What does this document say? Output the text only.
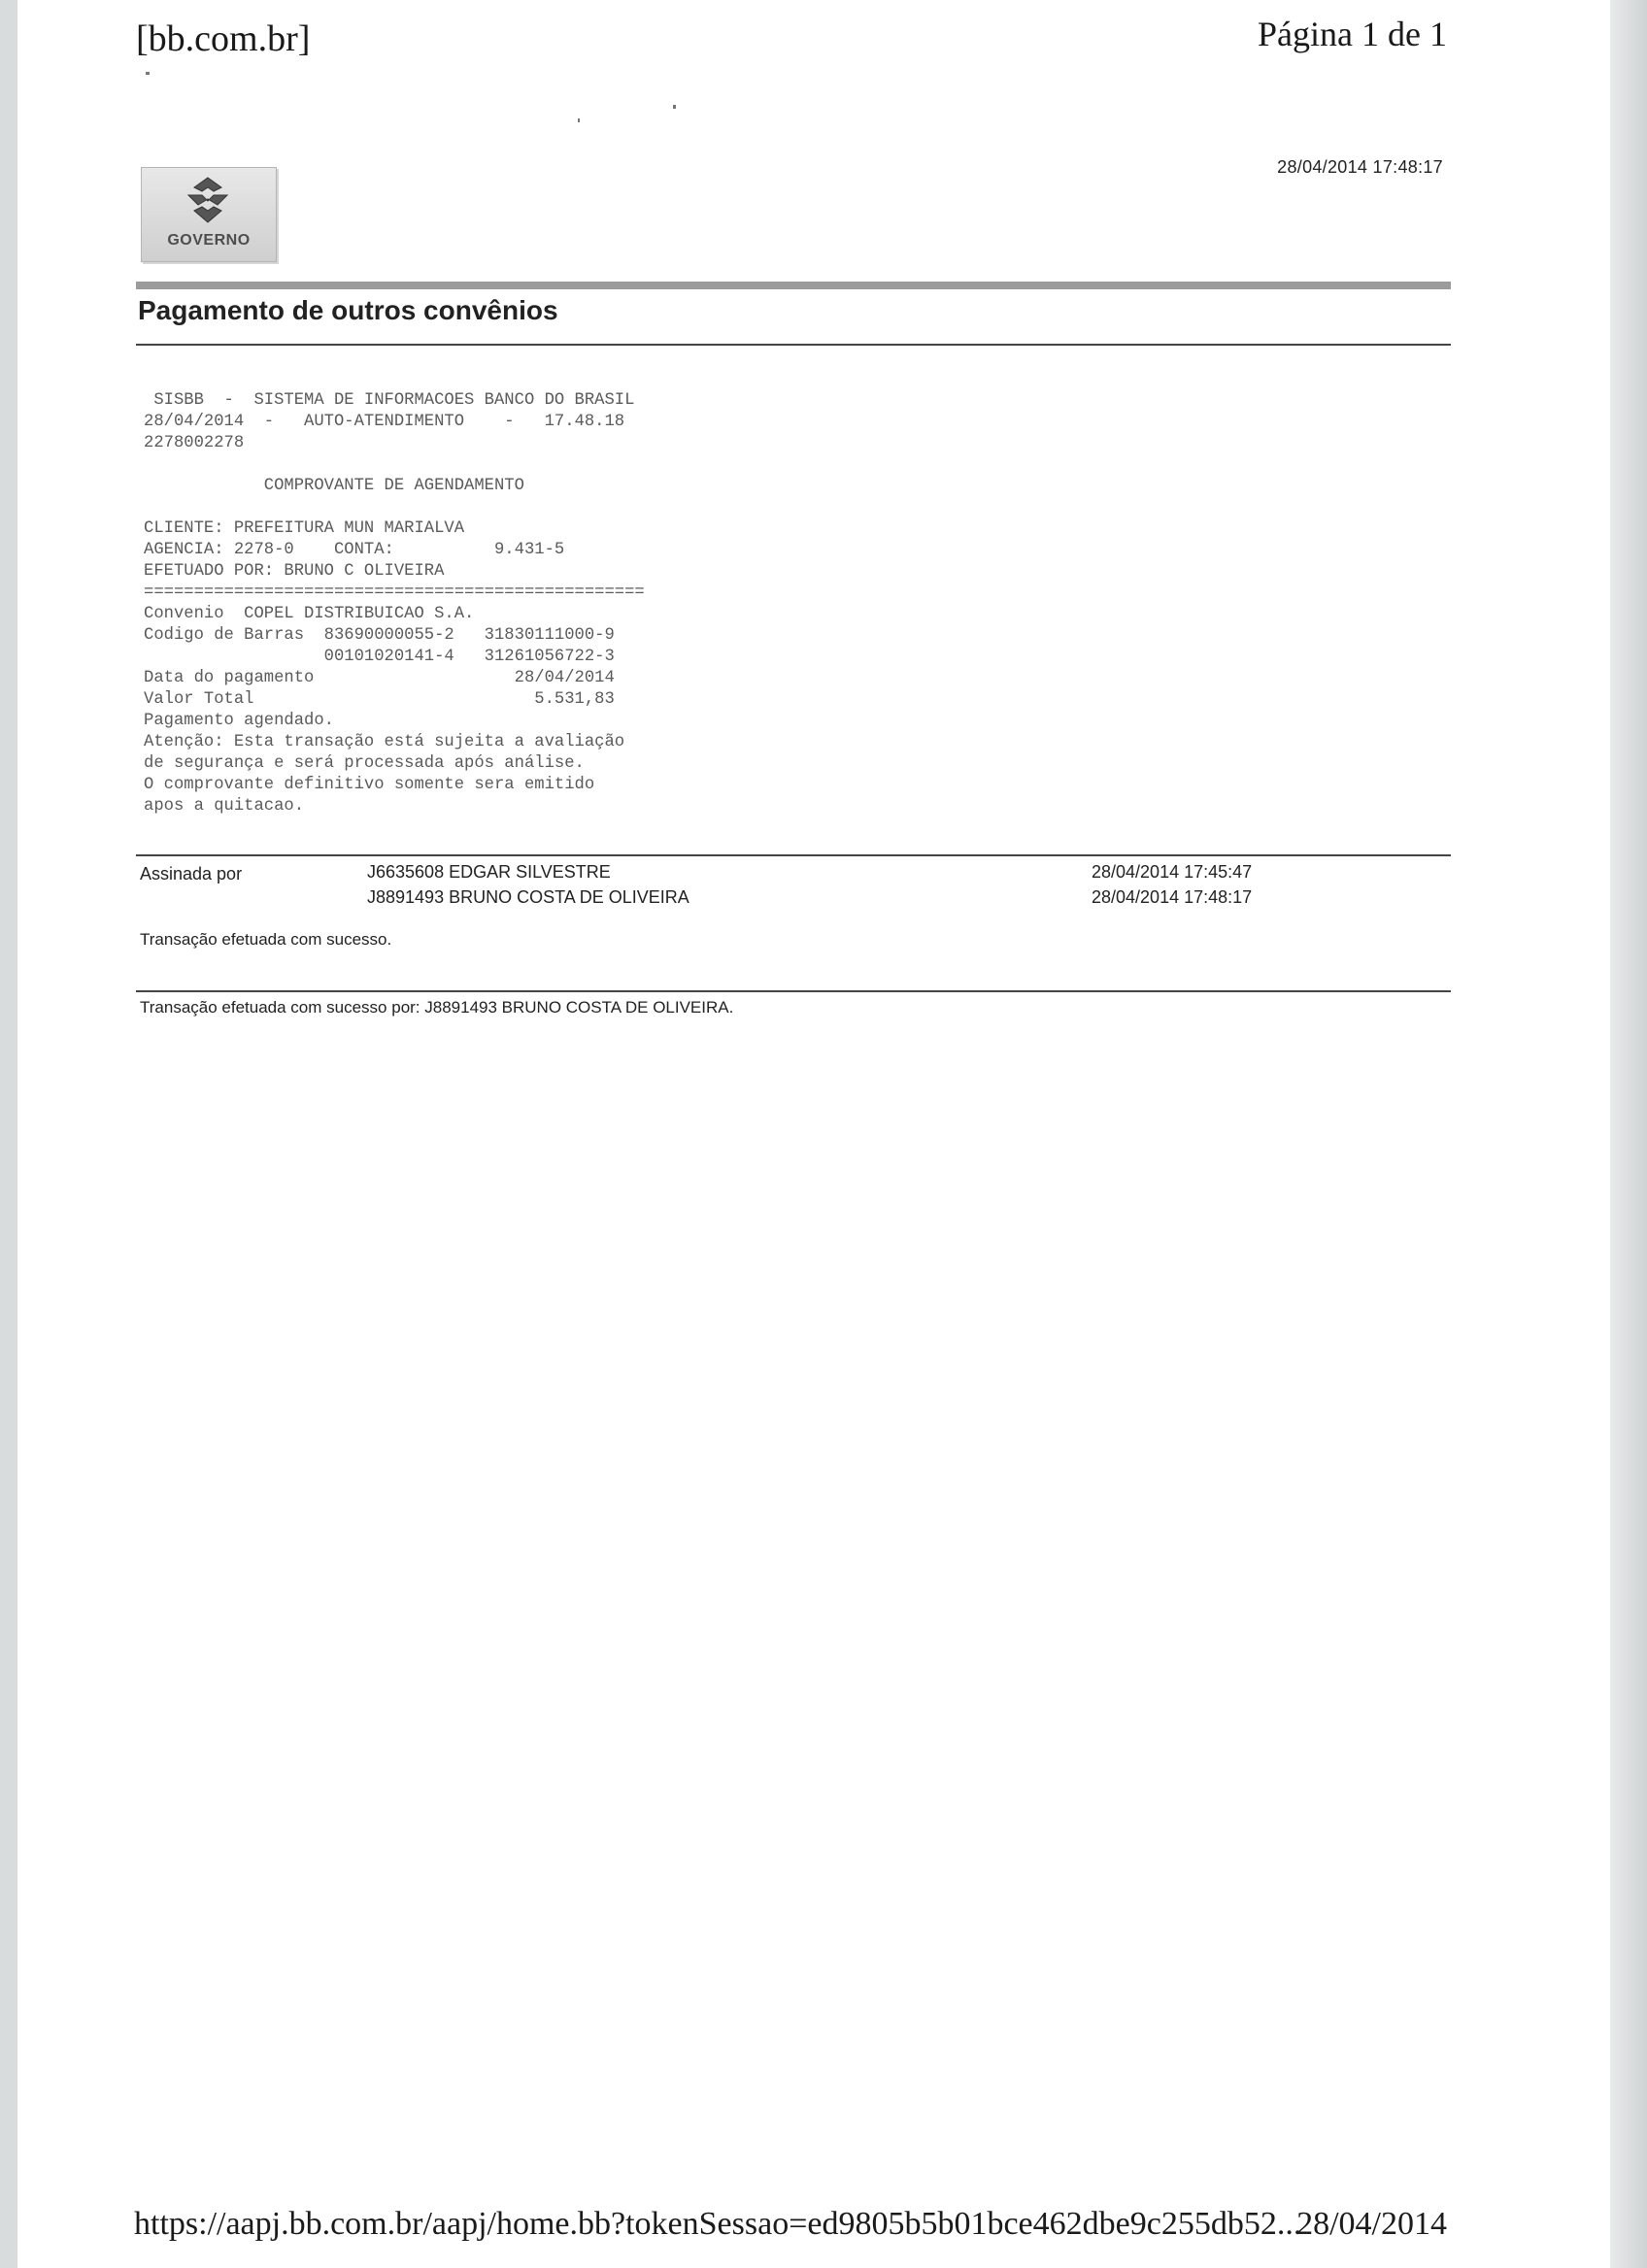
[bb.com.br]	Página 1 de 1
28/04/2014 17:48:17
GOVERNO
Pagamento de outros convênios
SISBB  -  SISTEMA DE INFORMACOES BANCO DO BRASIL
28/04/2014  -   AUTO-ATENDIMENTO    -   17.48.18
2278002278
COMPROVANTE DE AGENDAMENTO
CLIENTE: PREFEITURA MUN MARIALVA
AGENCIA: 2278-0    CONTA:          9.431-5
EFETUADO POR: BRUNO C OLIVEIRA
==================================================
Convenio  COPEL DISTRIBUICAO S.A.
Codigo de Barras  83690000055-2   31830111000-9
00101020141-4   31261056722-3
Data do pagamento                    28/04/2014
Valor Total                            5.531,83
Pagamento agendado.
Atenção: Esta transação está sujeita a avaliação
de segurança e será processada após análise.
O comprovante definitivo somente sera emitido
apos a quitacao.
Assinada por	J6635608 EDGAR SILVESTRE	28/04/2014 17:45:47
J8891493 BRUNO COSTA DE OLIVEIRA	28/04/2014 17:48:17
Transação efetuada com sucesso.
Transação efetuada com sucesso por: J8891493 BRUNO COSTA DE OLIVEIRA.
https://aapj.bb.com.br/aapj/home.bb?tokenSessao=ed9805b5b01bce462dbe9c255db52...
28/04/2014
